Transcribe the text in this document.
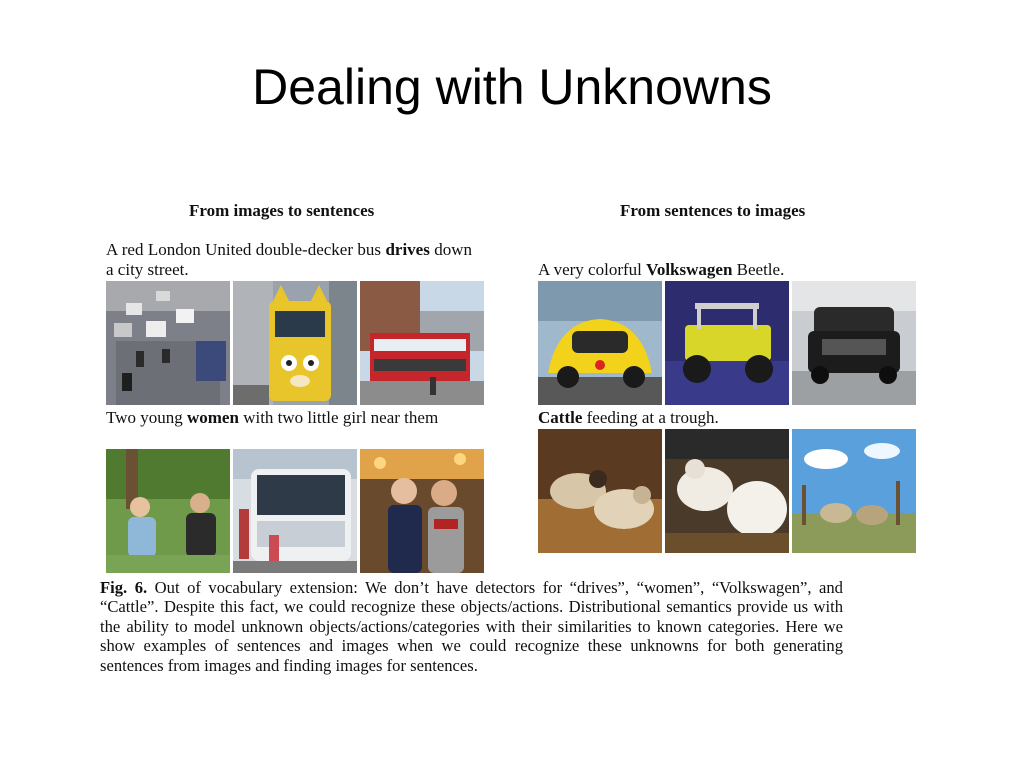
Dealing with Unknowns
From images to sentences
A red London United double-decker bus drives down a city street.
Two young women with two little girl near them
From sentences to images
A very colorful Volkswagen Beetle.
Cattle feeding at a trough.
Fig. 6. Out of vocabulary extension: We don’t have detectors for “drives”, “women”, “Volkswagen”, and “Cattle”. Despite this fact, we could recognize these objects/actions. Distributional semantics provide us with the ability to model unknown objects/actions/categories with their similarities to known categories. Here we show examples of sentences and images when we could recognize these unknowns for both generating sentences from images and finding images for sentences.
